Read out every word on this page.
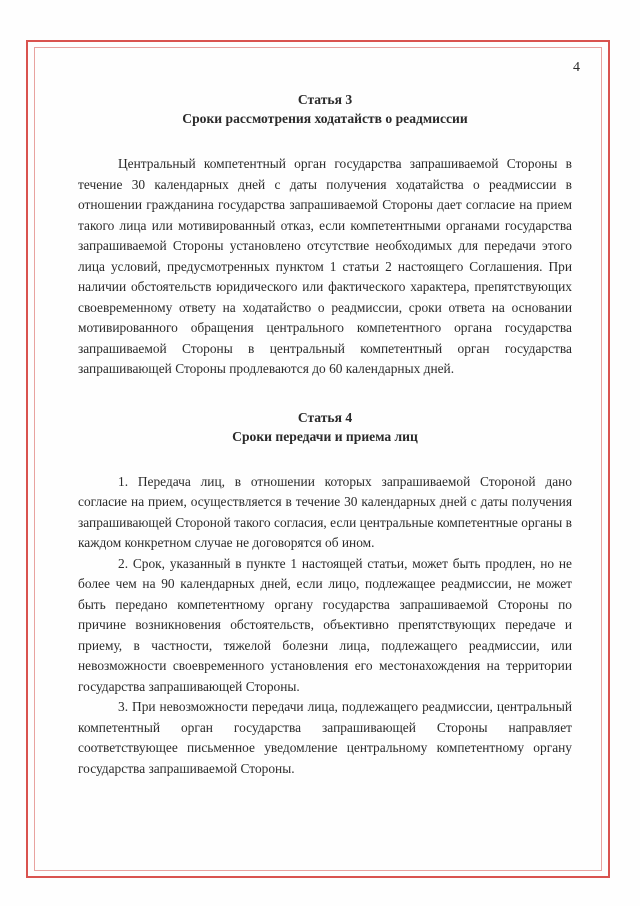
4

Статья 3

Сроки рассмотрения ходатайств о реадмиссии

Центральный компетентный орган государства запрашиваемой Стороны в течение 30 календарных дней с даты получения ходатайства о реадмиссии в отношении гражданина государства запрашиваемой Стороны дает согласие на прием такого лица или мотивированный отказ, если компетентными органами государства запрашиваемой Стороны установлено отсутствие необходимых для передачи этого лица условий, предусмотренных пунктом 1 статьи 2 настоящего Соглашения. При наличии обстоятельств юридического или фактического характера, препятствующих своевременному ответу на ходатайство о реадмиссии, сроки ответа на основании мотивированного обращения центрального компетентного органа государства запрашиваемой Стороны в центральный компетентный орган государства запрашивающей Стороны продлеваются до 60 календарных дней.

Статья 4

Сроки передачи и приема лиц

1. Передача лиц, в отношении которых запрашиваемой Стороной дано согласие на прием, осуществляется в течение 30 календарных дней с даты получения запрашивающей Стороной такого согласия, если центральные компетентные органы в каждом конкретном случае не договорятся об ином.

2. Срок, указанный в пункте 1 настоящей статьи, может быть продлен, но не более чем на 90 календарных дней, если лицо, подлежащее реадмиссии, не может быть передано компетентному органу государства запрашиваемой Стороны по причине возникновения обстоятельств, объективно препятствующих передаче и приему, в частности, тяжелой болезни лица, подлежащего реадмиссии, или невозможности своевременного установления его местонахождения на территории государства запрашивающей Стороны.

3. При невозможности передачи лица, подлежащего реадмиссии, центральный компетентный орган государства запрашивающей Стороны направляет соответствующее письменное уведомление центральному компетентному органу государства запрашиваемой Стороны.
